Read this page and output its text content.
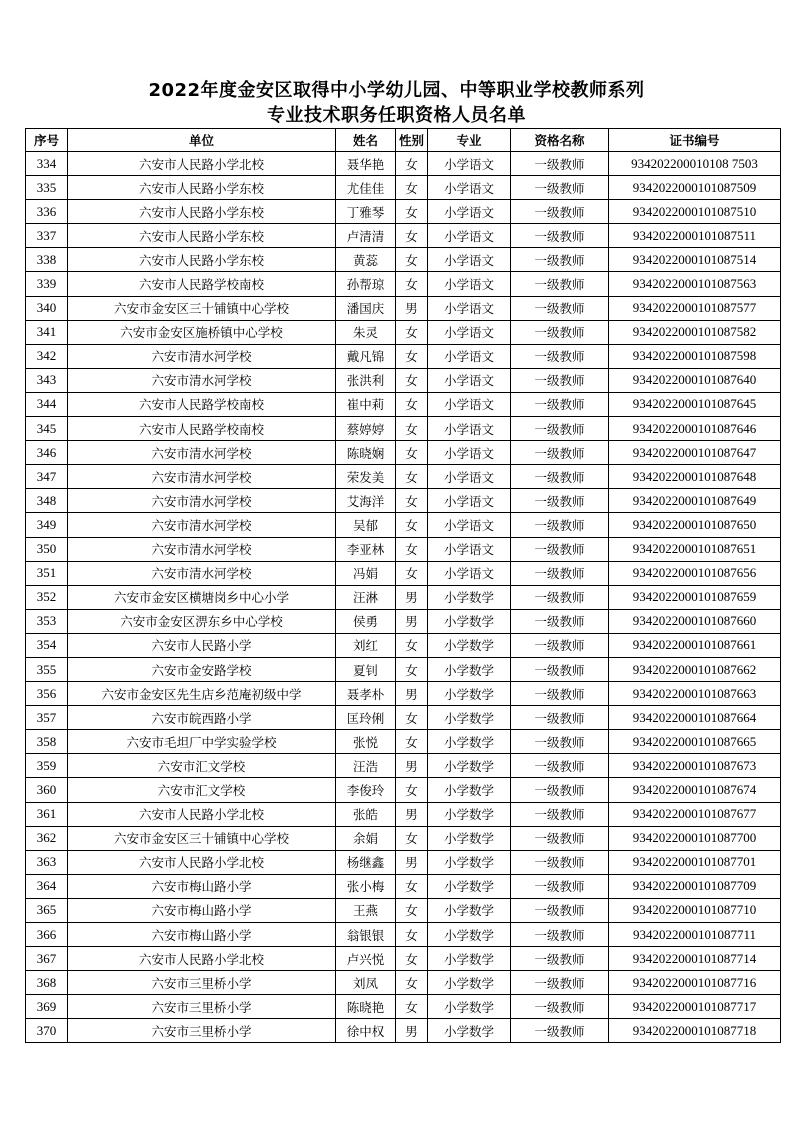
2022年度金安区取得中小学幼儿园、中等职业学校教师系列
专业技术职务任职资格人员名单
序号	单位	姓名	性别	专业	资格名称	证书编号
334	六安市人民路小学北校	聂华艳	女	小学语文	一级教师	934202200010108 7503
335	六安市人民路小学东校	尤佳佳	女	小学语文	一级教师	9342022000101087509
336	六安市人民路小学东校	丁雅琴	女	小学语文	一级教师	9342022000101087510
337	六安市人民路小学东校	卢清清	女	小学语文	一级教师	9342022000101087511
338	六安市人民路小学东校	黄蕊	女	小学语文	一级教师	9342022000101087514
339	六安市人民路学校南校	孙帮琼	女	小学语文	一级教师	9342022000101087563
340	六安市金安区三十铺镇中心学校	潘国庆	男	小学语文	一级教师	9342022000101087577
341	六安市金安区施桥镇中心学校	朱灵	女	小学语文	一级教师	9342022000101087582
342	六安市清水河学校	戴凡锦	女	小学语文	一级教师	9342022000101087598
343	六安市清水河学校	张洪利	女	小学语文	一级教师	9342022000101087640
344	六安市人民路学校南校	崔中莉	女	小学语文	一级教师	9342022000101087645
345	六安市人民路学校南校	蔡婷婷	女	小学语文	一级教师	9342022000101087646
346	六安市清水河学校	陈晓娴	女	小学语文	一级教师	9342022000101087647
347	六安市清水河学校	荣发美	女	小学语文	一级教师	9342022000101087648
348	六安市清水河学校	艾海洋	女	小学语文	一级教师	9342022000101087649
349	六安市清水河学校	吴郁	女	小学语文	一级教师	9342022000101087650
350	六安市清水河学校	李亚林	女	小学语文	一级教师	9342022000101087651
351	六安市清水河学校	冯娟	女	小学语文	一级教师	9342022000101087656
352	六安市金安区横塘岗乡中心小学	汪淋	男	小学数学	一级教师	9342022000101087659
353	六安市金安区淠东乡中心学校	侯勇	男	小学数学	一级教师	9342022000101087660
354	六安市人民路小学	刘红	女	小学数学	一级教师	9342022000101087661
355	六安市金安路学校	夏钊	女	小学数学	一级教师	9342022000101087662
356	六安市金安区先生店乡范庵初级中学	聂孝朴	男	小学数学	一级教师	9342022000101087663
357	六安市皖西路小学	匡玲俐	女	小学数学	一级教师	9342022000101087664
358	六安市毛坦厂中学实验学校	张悦	女	小学数学	一级教师	9342022000101087665
359	六安市汇文学校	汪浩	男	小学数学	一级教师	9342022000101087673
360	六安市汇文学校	李俊玲	女	小学数学	一级教师	9342022000101087674
361	六安市人民路小学北校	张皓	男	小学数学	一级教师	9342022000101087677
362	六安市金安区三十铺镇中心学校	余娟	女	小学数学	一级教师	9342022000101087700
363	六安市人民路小学北校	杨继鑫	男	小学数学	一级教师	9342022000101087701
364	六安市梅山路小学	张小梅	女	小学数学	一级教师	9342022000101087709
365	六安市梅山路小学	王燕	女	小学数学	一级教师	9342022000101087710
366	六安市梅山路小学	翁银银	女	小学数学	一级教师	9342022000101087711
367	六安市人民路小学北校	卢兴悦	女	小学数学	一级教师	9342022000101087714
368	六安市三里桥小学	刘凤	女	小学数学	一级教师	9342022000101087716
369	六安市三里桥小学	陈晓艳	女	小学数学	一级教师	9342022000101087717
370	六安市三里桥小学	徐中权	男	小学数学	一级教师	9342022000101087718
